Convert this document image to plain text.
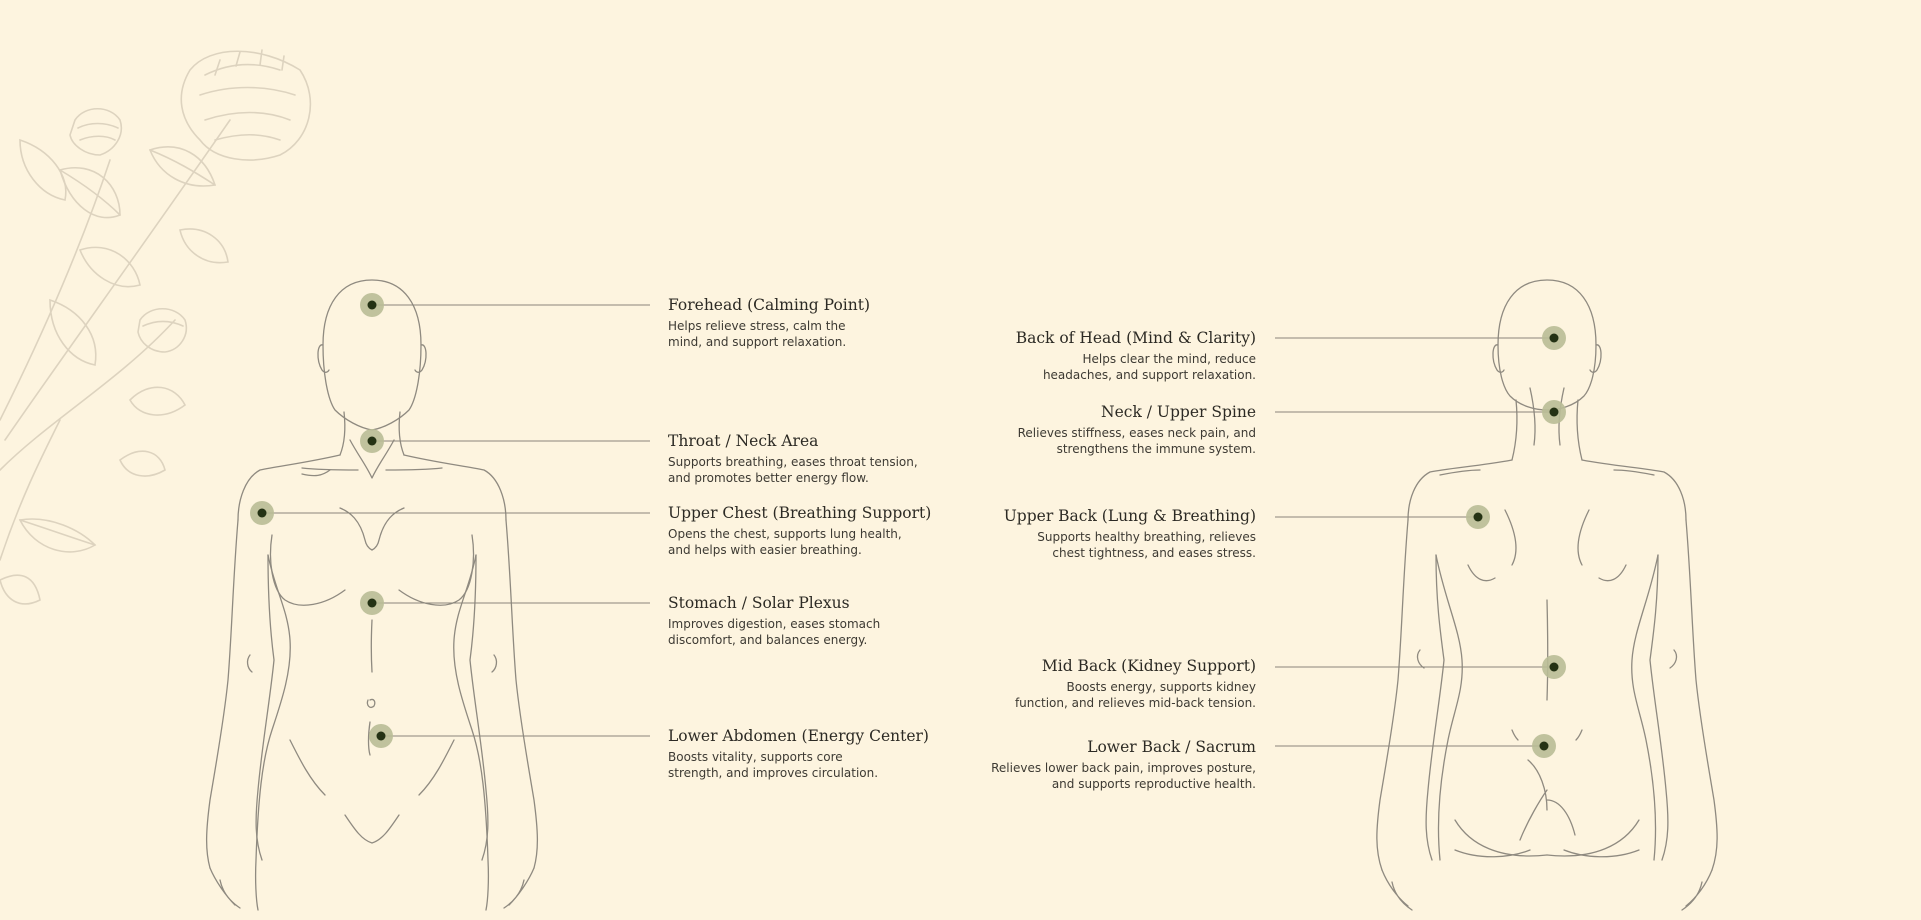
Forehead (Calming Point)
Helps relieve stress, calm the
mind, and support relaxation.
Throat / Neck Area
Supports breathing, eases throat tension,
and promotes better energy flow.
Upper Chest (Breathing Support)
Opens the chest, supports lung health,
and helps with easier breathing.
Stomach / Solar Plexus
Improves digestion, eases stomach
discomfort, and balances energy.
Lower Abdomen (Energy Center)
Boosts vitality, supports core
strength, and improves circulation.
Back of Head (Mind & Clarity)
Helps clear the mind, reduce
headaches, and support relaxation.
Neck / Upper Spine
Relieves stiffness, eases neck pain, and
strengthens the immune system.
Upper Back (Lung & Breathing)
Supports healthy breathing, relieves
chest tightness, and eases stress.
Mid Back (Kidney Support)
Boosts energy, supports kidney
function, and relieves mid-back tension.
Lower Back / Sacrum
Relieves lower back pain, improves posture,
and supports reproductive health.
